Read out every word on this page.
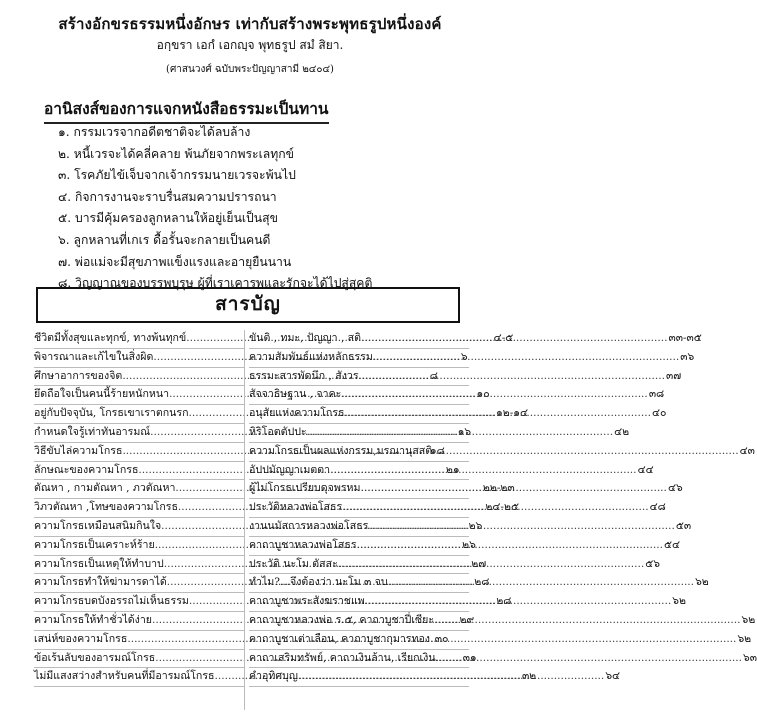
สร้างอักขรธรรมหนึ่งอักษร เท่ากับสร้างพระพุทธรูปหนึ่งองค์
อกฺขรา เอกํ เอกญฺจ พุทธรูป สมํ สิยา.
(ศาสนวงศ์ ฉบับพระปัญญาสามี ๒๔๐๔)
อานิสงส์ของการแจกหนังสือธรรมะเป็นทาน
๑. กรรมเวรจากอดีตชาติจะได้ลบล้าง
๒. หนี้เวรจะได้คลี่คลาย พ้นภัยจากพระเลทุกข์
๓. โรคภัยไข้เจ็บจากเจ้ากรรมนายเวรจะพ้นไป
๔. กิจการงานจะราบรื่นสมความปรารถนา
๕. บารมีคุ้มครองลูกหลานให้อยู่เย็นเป็นสุข
๖. ลูกหลานที่เกเร ดื้อรั้นจะกลายเป็นคนดี
๗. พ่อแม่จะมีสุขภาพแข็งแรงและอายุยืนนาน
๘. วิญญาณของบรรพบุรุษ ผู้ที่เราเคารพและรักจะได้ไปสู่สุคติ
สารบัญ
ชีวิตมีทั้งสุขและทุกข์, ทางพ้นทุกข์ .....	๔-๕
พิจารณาและเก้ไขในสิ่งผิด .....	๖
ศึกษาอาการของจิต .....	๘
ยึดถือใจเป็นคนนี้ร้ายหนักหนา .....	๑๐
อยู่กับปัจจุบัน, โกรธเขาเราตกนรก .....	๑๒-๑๔
กำหนดใจรู้เท่าทันอารมณ์ .....	๑๖
วิธีขับไล่ความโกรธ .....	๑๘
ลักษณะของความโกรธ .....	๒๑
ตัณหา , กามตัณหา , ภวตัณหา .....	๒๒-๒๓
วิภวตัณหา ,โทษของความโกรธ .....	๒๔-๒๕
ความโกรธเหมือนสนิมกินใจ .....	๒๖
ความโกรธเป็นเคราะห์ร้าย .....	๒๖
ความโกรธเป็นเหตุให้ทำบาป .....	๒๗
ความโกรธทำให้ฆ่ามารดาได้ .....	๒๘
ความโกรธบดบังอรรถไม่เห็นธรรม .....	๒๘
ความโกรธให้ทำชั่วได้ง่าย .....	๒๙
เสน่ห์ของความโกรธ .....	๓๐
ข้อเร้นลับของอารมณ์โกรธ .....	๓๑
ไม่มีแสงสว่างสำหรับคนที่มีอารมณ์โกรธ .....	๓๒
ขันติ , ทมะ, ปัญญา , สติ .....	๓๓-๓๕
ความสัมพันธ์แห่งหลักธรรม .....	๓๖
ธรรมะสารพัดนึก , สังวร .....	๓๗
สัจจาธิษฐาน , จาคะ .....	๓๘
อนุสัยแห่งความโกรธ .....	๔๐
หิริโอตตัปปะ .....	๔๒
ความโกรธเป็นผลแห่งกรรม,มรณานุสสติ .....	๔๓
อัปปมัญญาเมตตา .....	๔๔
ผู้ไม่โกรธเปรียบดุจพรหม .....	๔๖
ประวัติหลวงพ่อโสธร .....	๔๘
งานนมัสการหลวงพ่อโสธร .....	๕๓
คาถาบูชาหลวงพ่อโสธร .....	๕๔
ประวัติ นะโม ตัสสะ .....	๕๖
ทำไม?...จึงต้องว่า นะโม ๓ จบ .....	๖๒
คาถาบูชาพระสังฆราชแพ .....	๖๒
คาถาบูชาหลวงพ่อ ร.๕, คาถาบูชาปี่เซียะ .....	๖๒
คาถาบูชาเต่าเลือน, คาถาบูชากุมารทอง .....	๖๒
คาถาเสริมทรัพย์, คาถาเงินล้าน, เรียกเงิน .....	๖๓
คำอุทิศบุญ .....	๖๔
